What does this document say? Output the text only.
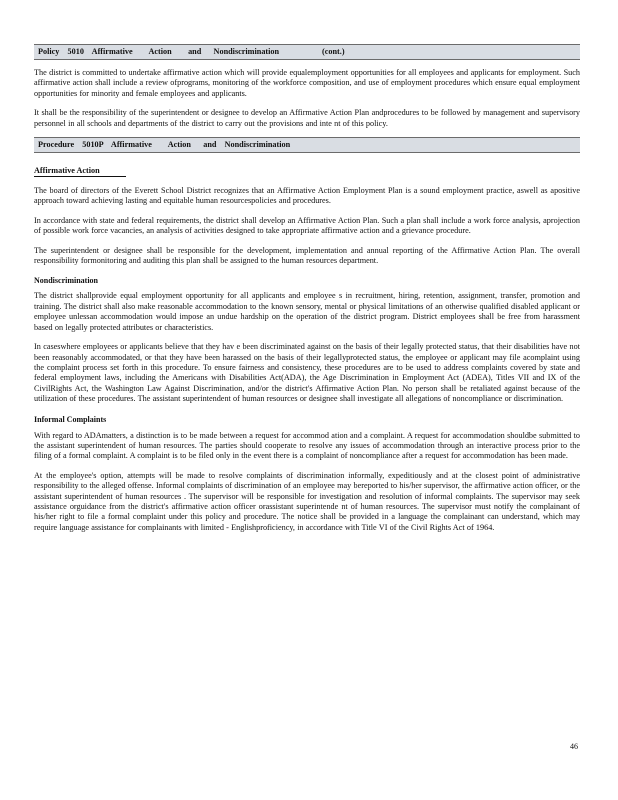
Policy    5010    Affirmative        Action        and      Nondiscrimination                     (cont.)

The district is committed to undertake affirmative action which will provide equalemployment opportunities for all employees and applicants for employment. Such affirmative action shall include a review ofprograms, monitoring of the workforce composition, and use of employment procedures which ensure equal employment opportunities for minority and female employees and applicants.

It shall be the responsibility of the superintendent or designee to develop an Affirmative Action Plan andprocedures to be followed by management and supervisory personnel in all schools and departments of the district to carry out the provisions and inte nt of this policy.

Procedure    5010P    Affirmative        Action      and    Nondiscrimination
Affirmative Action

The board of directors of the Everett School District recognizes that an Affirmative Action Employment Plan is a sound employment practice, aswell as apositive approach toward achieving lasting and equitable human resourcespolicies and procedures.

In accordance with state and federal requirements, the district shall develop an Affirmative Action Plan. Such a plan shall include a work force analysis, aprojection of possible work force vacancies, an analysis of activities designed to take appropriate affirmative action and a grievance procedure.

The superintendent or designee shall be responsible for the development, implementation and annual reporting of the Affirmative Action Plan. The overall responsibility formonitoring and auditing this plan shall be assigned to the human resources department.

Nondiscrimination

The district shallprovide equal employment opportunity for all applicants and employee s in recruitment, hiring, retention, assignment, transfer, promotion and training. The district shall also make reasonable accommodation to the known sensory, mental or physical limitations of an otherwise qualified disabled applicant or employee unlessan accommodation would impose an undue hardship on the operation of the district program. District employees shall be free from harassment based on legally protected attributes or characteristics.

In caseswhere employees or applicants believe that they hav e been discriminated against on the basis of their legally protected status, that their disabilities have not been reasonably accommodated, or that they have been harassed on the basis of their legallyprotected status, the employee or applicant may file acomplaint using the complaint process set forth in this procedure. To ensure fairness and consistency, these procedures are to be used to address complaints covered by state and federal employment laws, including the Americans with Disabilities Act(ADA), the Age Discrimination in Employment Act (ADEA), Titles VII and IX of the CivilRights Act, the Washington Law Against Discrimination, and/or the district's Affirmative Action Plan. No person shall be retaliated against because of the utilization of these procedures. The assistant superintendent of human resources or designee shall investigate all allegations of noncompliance or discrimination.

Informal Complaints

With regard to ADAmatters, a distinction is to be made between a request for accommod ation and a complaint. A request for accommodation shouldbe submitted to the assistant superintendent of human resources. The parties should cooperate to resolve any issues of accommodation through an interactive process prior to the filing of a formal complaint. A complaint is to be filed only in the event there is a complaint of noncompliance after a request for accommodation has been made.

At the employee's option, attempts will be made to resolve complaints of discrimination informally, expeditiously and at the closest point of administrative responsibility to the alleged offense. Informal complaints of discrimination of an employee may bereported to his/her supervisor, the affirmative action officer, or the assistant superintendent of human resources . The supervisor will be responsible for investigation and resolution of informal complaints. The supervisor may seek assistance orguidance from the district's affirmative action officer orassistant superintende nt of human resources. The supervisor must notify the complainant of his/her right to file a formal complaint under this policy and procedure. The notice shall be provided in a language the complainant can understand, which may require language assistance for complainants with limited - Englishproficiency, in accordance with Title VI of the Civil Rights Act of 1964.

46
